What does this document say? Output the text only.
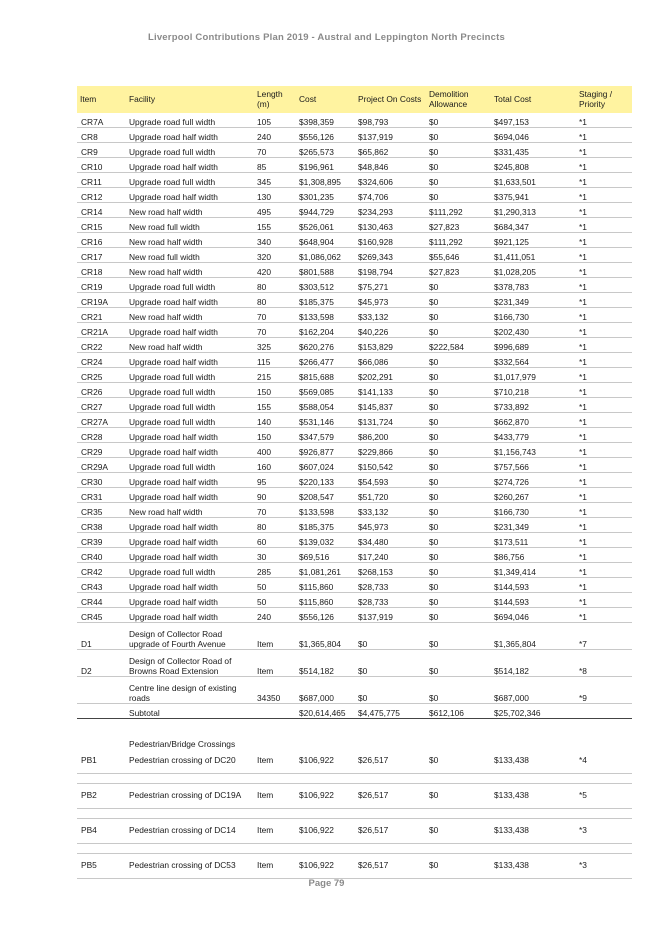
Liverpool Contributions Plan 2019 - Austral and Leppington North Precincts
Item	Facility	Length (m)	Cost	Project On Costs	Demolition Allowance	Total Cost	Staging / Priority
CR7A	Upgrade road full width	105	$398,359	$98,793	$0	$497,153	*1
CR8	Upgrade road half width	240	$556,126	$137,919	$0	$694,046	*1
CR9	Upgrade road full width	70	$265,573	$65,862	$0	$331,435	*1
CR10	Upgrade road half width	85	$196,961	$48,846	$0	$245,808	*1
CR11	Upgrade road full width	345	$1,308,895	$324,606	$0	$1,633,501	*1
CR12	Upgrade road half width	130	$301,235	$74,706	$0	$375,941	*1
CR14	New road half width	495	$944,729	$234,293	$111,292	$1,290,313	*1
CR15	New road full width	155	$526,061	$130,463	$27,823	$684,347	*1
CR16	New road half width	340	$648,904	$160,928	$111,292	$921,125	*1
CR17	New road full width	320	$1,086,062	$269,343	$55,646	$1,411,051	*1
CR18	New road half width	420	$801,588	$198,794	$27,823	$1,028,205	*1
CR19	Upgrade road full width	80	$303,512	$75,271	$0	$378,783	*1
CR19A	Upgrade road half width	80	$185,375	$45,973	$0	$231,349	*1
CR21	New road half width	70	$133,598	$33,132	$0	$166,730	*1
CR21A	Upgrade road half width	70	$162,204	$40,226	$0	$202,430	*1
CR22	New road half width	325	$620,276	$153,829	$222,584	$996,689	*1
CR24	Upgrade road half width	115	$266,477	$66,086	$0	$332,564	*1
CR25	Upgrade road full width	215	$815,688	$202,291	$0	$1,017,979	*1
CR26	Upgrade road full width	150	$569,085	$141,133	$0	$710,218	*1
CR27	Upgrade road full width	155	$588,054	$145,837	$0	$733,892	*1
CR27A	Upgrade road full width	140	$531,146	$131,724	$0	$662,870	*1
CR28	Upgrade road half width	150	$347,579	$86,200	$0	$433,779	*1
CR29	Upgrade road half width	400	$926,877	$229,866	$0	$1,156,743	*1
CR29A	Upgrade road full width	160	$607,024	$150,542	$0	$757,566	*1
CR30	Upgrade road half width	95	$220,133	$54,593	$0	$274,726	*1
CR31	Upgrade road half width	90	$208,547	$51,720	$0	$260,267	*1
CR35	New road half width	70	$133,598	$33,132	$0	$166,730	*1
CR38	Upgrade road half width	80	$185,375	$45,973	$0	$231,349	*1
CR39	Upgrade road half width	60	$139,032	$34,480	$0	$173,511	*1
CR40	Upgrade road half width	30	$69,516	$17,240	$0	$86,756	*1
CR42	Upgrade road full width	285	$1,081,261	$268,153	$0	$1,349,414	*1
CR43	Upgrade road half width	50	$115,860	$28,733	$0	$144,593	*1
CR44	Upgrade road half width	50	$115,860	$28,733	$0	$144,593	*1
CR45	Upgrade road half width	240	$556,126	$137,919	$0	$694,046	*1
D1	Design of Collector Road upgrade of Fourth Avenue	Item	$1,365,804	$0	$0	$1,365,804	*7
D2	Design of Collector Road of Browns Road Extension	Item	$514,182	$0	$0	$514,182	*8
	Centre line design of existing roads	34350	$687,000	$0	$0	$687,000	*9
	Subtotal		$20,614,465	$4,475,775	$612,106	$25,702,346	

	Pedestrian/Bridge Crossings						
PB1	Pedestrian crossing of DC20	Item	$106,922	$26,517	$0	$133,438	*4

PB2	Pedestrian crossing of DC19A	Item	$106,922	$26,517	$0	$133,438	*5

PB4	Pedestrian crossing of DC14	Item	$106,922	$26,517	$0	$133,438	*3

PB5	Pedestrian crossing of DC53	Item	$106,922	$26,517	$0	$133,438	*3
Page 79
